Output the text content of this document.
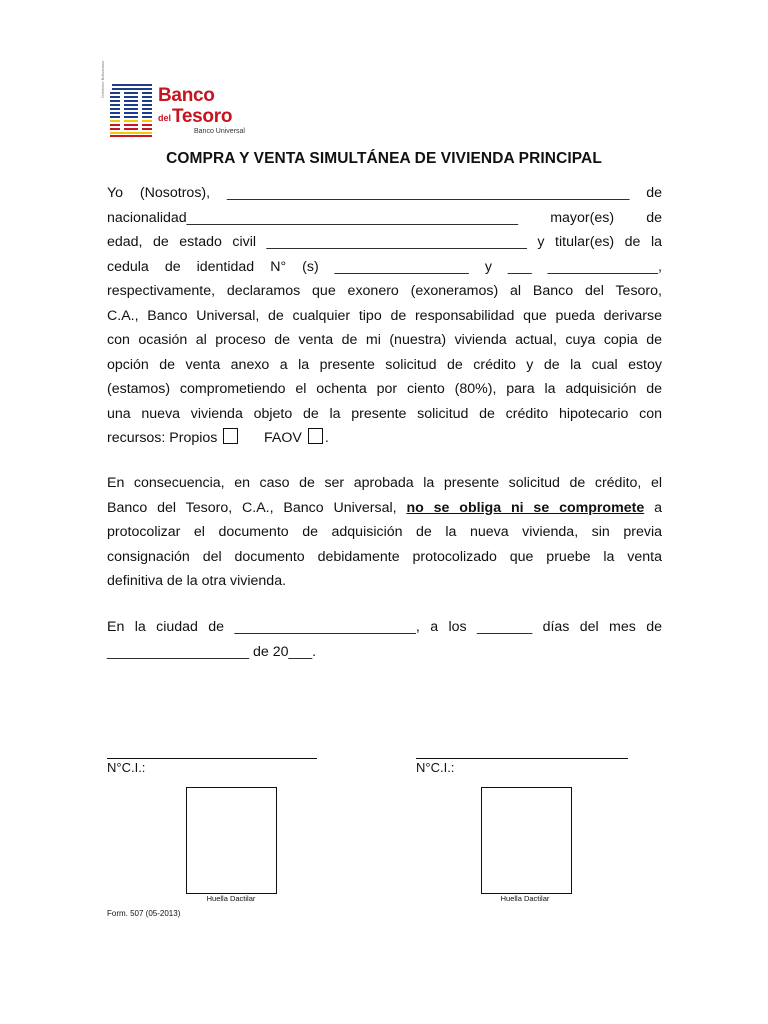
Gobierno Bolivariano	Banco
del Tesoro
Banco Universal
COMPRA Y VENTA SIMULTÁNEA DE VIVIENDA PRINCIPAL
Yo (Nosotros), ___________________________________________________ de
nacionalidad__________________________________________ mayor(es) de
edad, de estado civil _________________________________ y titular(es) de la
cedula de identidad N° (s) _________________ y ___ ______________,
respectivamente, declaramos que exonero (exoneramos) al Banco del Tesoro,
C.A., Banco Universal, de cualquier tipo de responsabilidad que pueda derivarse
con ocasión al proceso de venta de mi (nuestra) vivienda actual, cuya copia de
opción de venta anexo a la presente solicitud de crédito y de la cual estoy
(estamos) comprometiendo el ochenta por ciento (80%), para la adquisición de
una nueva vivienda objeto de la presente solicitud de crédito hipotecario con
recursos: Propios	FAOV .
En consecuencia, en caso de ser aprobada la presente solicitud de crédito, el
Banco del Tesoro, C.A., Banco Universal, no se obliga ni se compromete a
protocolizar el documento de adquisición de la nueva vivienda, sin previa
consignación del documento debidamente protocolizado que pruebe la venta
definitiva de la otra vivienda.
En la ciudad de _______________________, a los _______ días del mes de
__________________ de 20___.
N°C.I.:	N°C.I.:
Huella Dactilar	Huella Dactilar
Form. 507 (05-2013)
